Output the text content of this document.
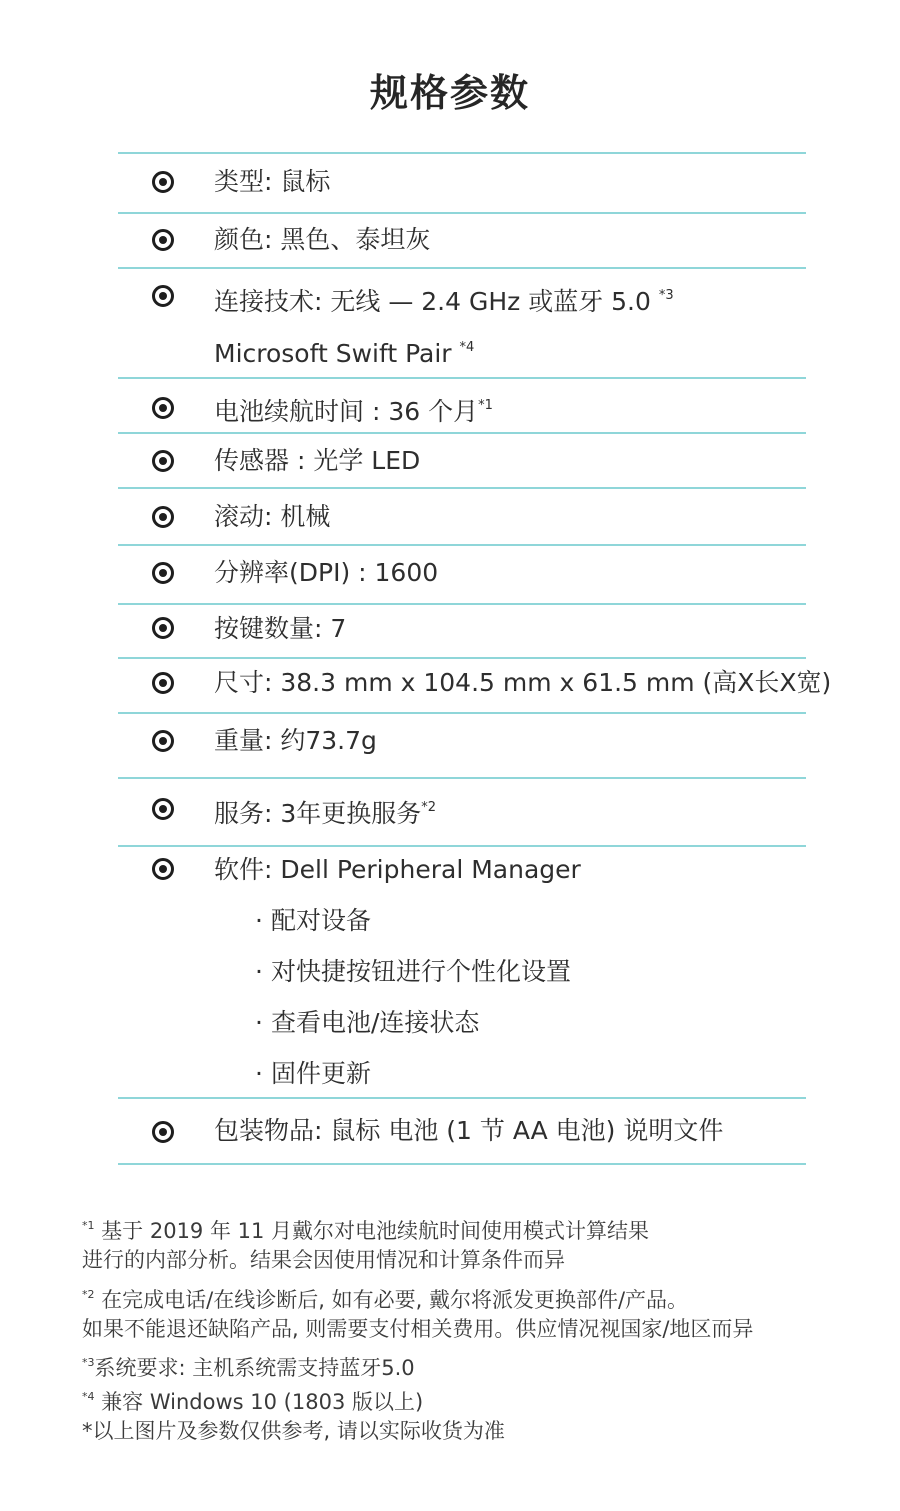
规格参数
类型: 鼠标
颜色: 黑色、泰坦灰
连接技术: 无线 — 2.4 GHz 或蓝牙 5.0 $^{*3}$
Microsoft Swift Pair $^{*4}$
电池续航时间 : 36 个月$^{*1}$
传感器 : 光学 LED
滚动: 机械
分辨率(DPI) : 1600
按键数量: 7
尺寸: 38.3 mm x 104.5 mm x 61.5 mm (高X长X宽)
重量: 约73.7g
服务: 3年更换服务$^{*2}$
软件: Dell Peripheral Manager
· 配对设备
· 对快捷按钮进行个性化设置
· 查看电池/连接状态
· 固件更新
包装物品: 鼠标 电池 (1 节 AA 电池) 说明文件
$^{*1}$ 基于 2019 年 11 月戴尔对电池续航时间使用模式计算结果
进行的内部分析。结果会因使用情况和计算条件而异
$^{*2}$ 在完成电话/在线诊断后, 如有必要, 戴尔将派发更换部件/产品。
如果不能退还缺陷产品, 则需要支付相关费用。供应情况视国家/地区而异
$^{*3}$系统要求: 主机系统需支持蓝牙5.0
$^{*4}$ 兼容 Windows 10 (1803 版以上)
*以上图片及参数仅供参考, 请以实际收货为准
